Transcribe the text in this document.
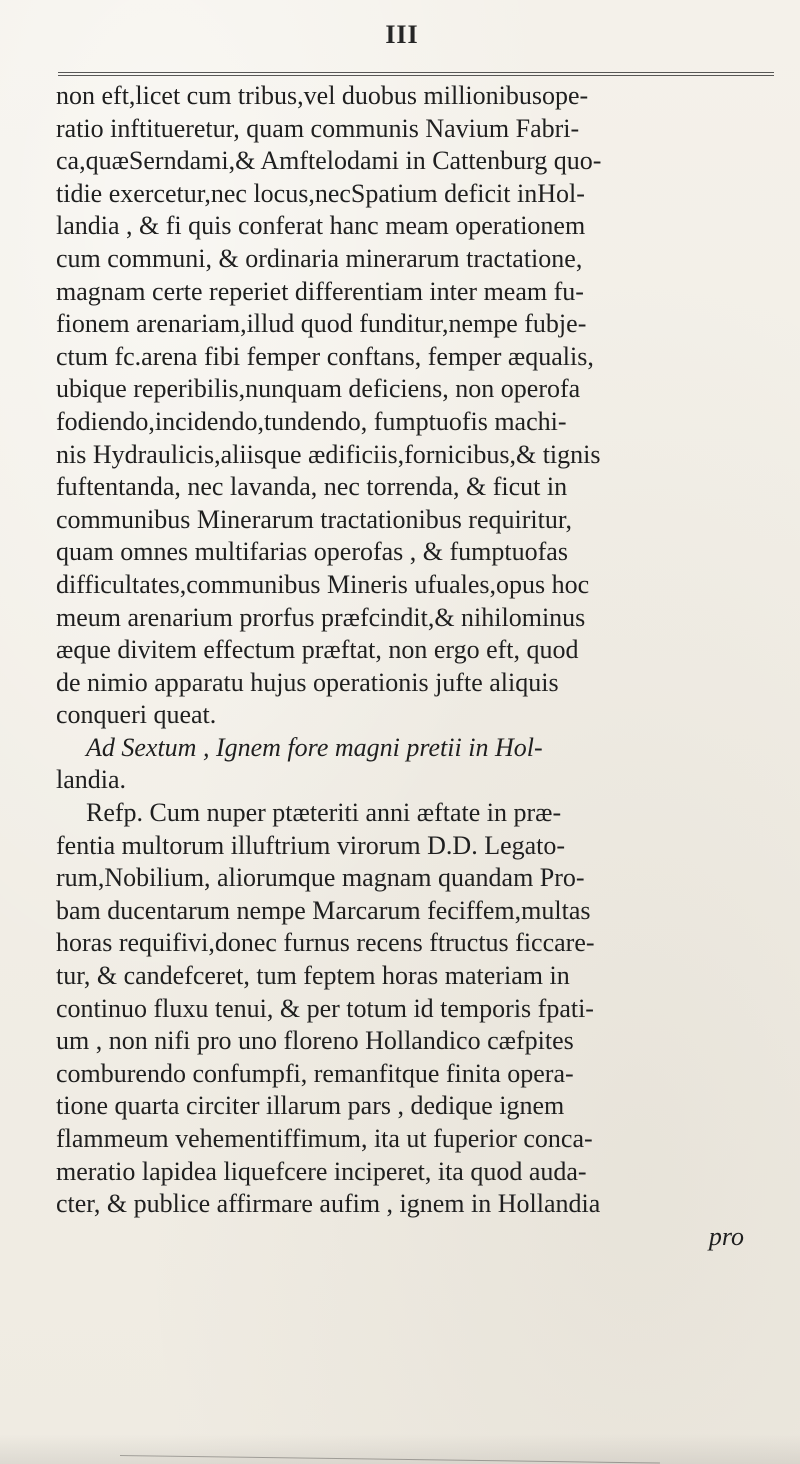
III
non eft,licet cum tribus,vel duobus millionibusope-
ratio inftitueretur, quam communis Navium Fabri-
ca,quæSerndami,& Amftelodami in Cattenburg quo-
tidie exercetur,nec locus,necSpatium deficit inHol-
landia , & fi quis conferat hanc meam operationem
cum communi, & ordinaria minerarum tractatione,
magnam certe reperiet differentiam inter meam fu-
fionem arenariam,illud quod funditur,nempe fubje-
ctum fc.arena fibi femper conftans, femper æqualis,
ubique reperibilis,nunquam deficiens, non operofa
fodiendo,incidendo,tundendo, fumptuofis machi-
nis Hydraulicis,aliisque ædificiis,fornicibus,& tignis
fuftentanda, nec lavanda, nec torrenda, & ficut in
communibus Minerarum tractationibus requiritur,
quam omnes multifarias operofas , & fumptuofas
difficultates,communibus Mineris ufuales,opus hoc
meum arenarium prorfus præfcindit,& nihilominus
æque divitem effectum præftat, non ergo eft, quod
de nimio apparatu hujus operationis jufte aliquis
conqueri queat.
Ad Sextum , Ignem fore magni pretii in Hol-
landia.
Refp. Cum nuper ptæteriti anni æftate in præ-
fentia multorum illuftrium virorum D.D. Legato-
rum,Nobilium, aliorumque magnam quandam Pro-
bam ducentarum nempe Marcarum feciffem,multas
horas requifivi,donec furnus recens ftructus ficcare-
tur, & candefceret, tum feptem horas materiam in
continuo fluxu tenui, & per totum id temporis fpati-
um , non nifi pro uno floreno Hollandico cæfpites
comburendo confumpfi, remanfitque finita opera-
tione quarta circiter illarum pars , dedique ignem
flammeum vehementiffimum, ita ut fuperior conca-
meratio lapidea liquefcere inciperet, ita quod auda-
cter, & publice affirmare aufim , ignem in Hollandia
pro
